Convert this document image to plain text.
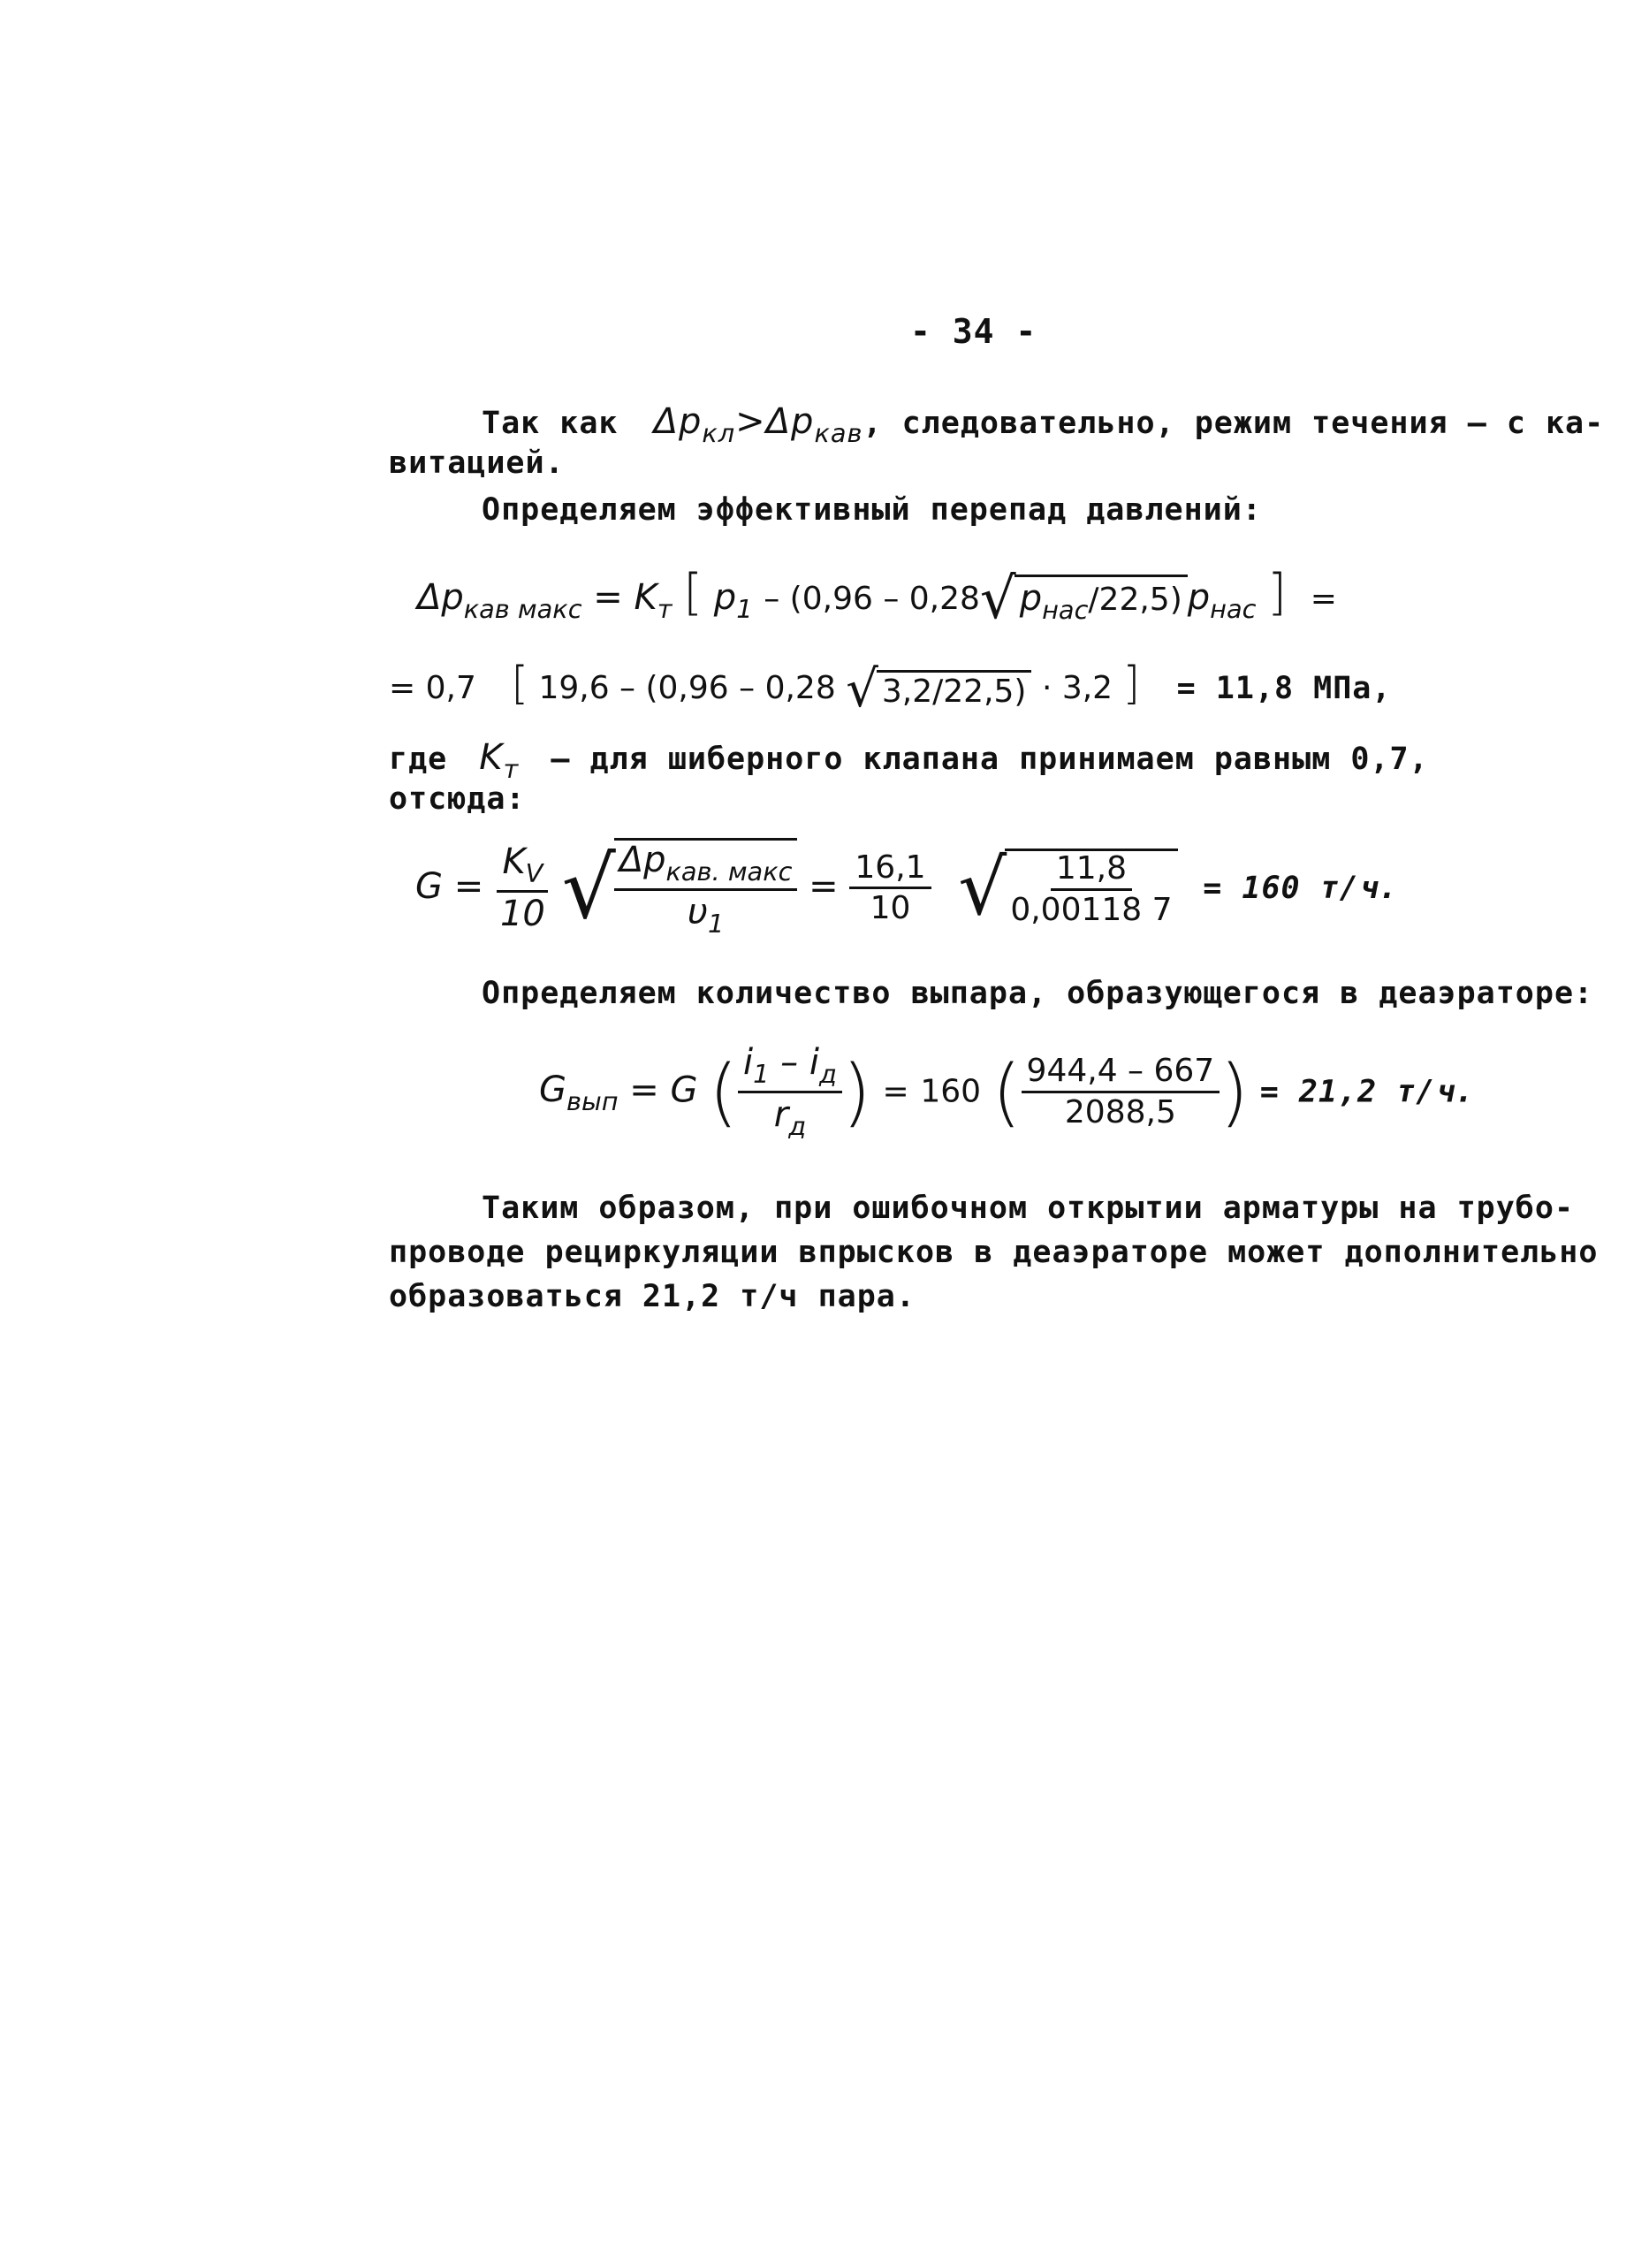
- 34 -
Так как $\Delta p_{кл}>\Delta p_{кав}$, следовательно, режим течения – с ка-
витацией.
Определяем эффективный перепад давлений:
$\Delta p_{кав макс} = K_т$ [ $p_1 - (0,96 - 0,28$ √ $p_{нас}/22,5$) $p_{нас}$ ] =
= 0,7 [ 19,6 – (0,96 – 0,28 √ 3,2/22,5) · 3,2 ] = 11,8 МПа,
где $K_т$ – для шиберного клапана принимаем равным 0,7,
отсюда:
$G = \frac{K_V}{10}$
√
$\frac{\Delta p_{кав. макс}}{\upsilon_1} = \frac{16,1}{10}$
√
$\frac{11,8}{0,00118 7} = 160$ т/ч.
Определяем количество выпара, образующегося в деаэраторе:
$G_{вып} = G$ ( $\frac{i_1 - i_д}{r_д}$ ) = 160 ( $\frac{944,4 - 667}{2088,5}$ ) = 21,2 т/ч.
Таким образом, при ошибочном открытии арматуры на трубо-
проводе рециркуляции впрысков в деаэраторе может дополнительно
образоваться 21,2 т/ч пара.
